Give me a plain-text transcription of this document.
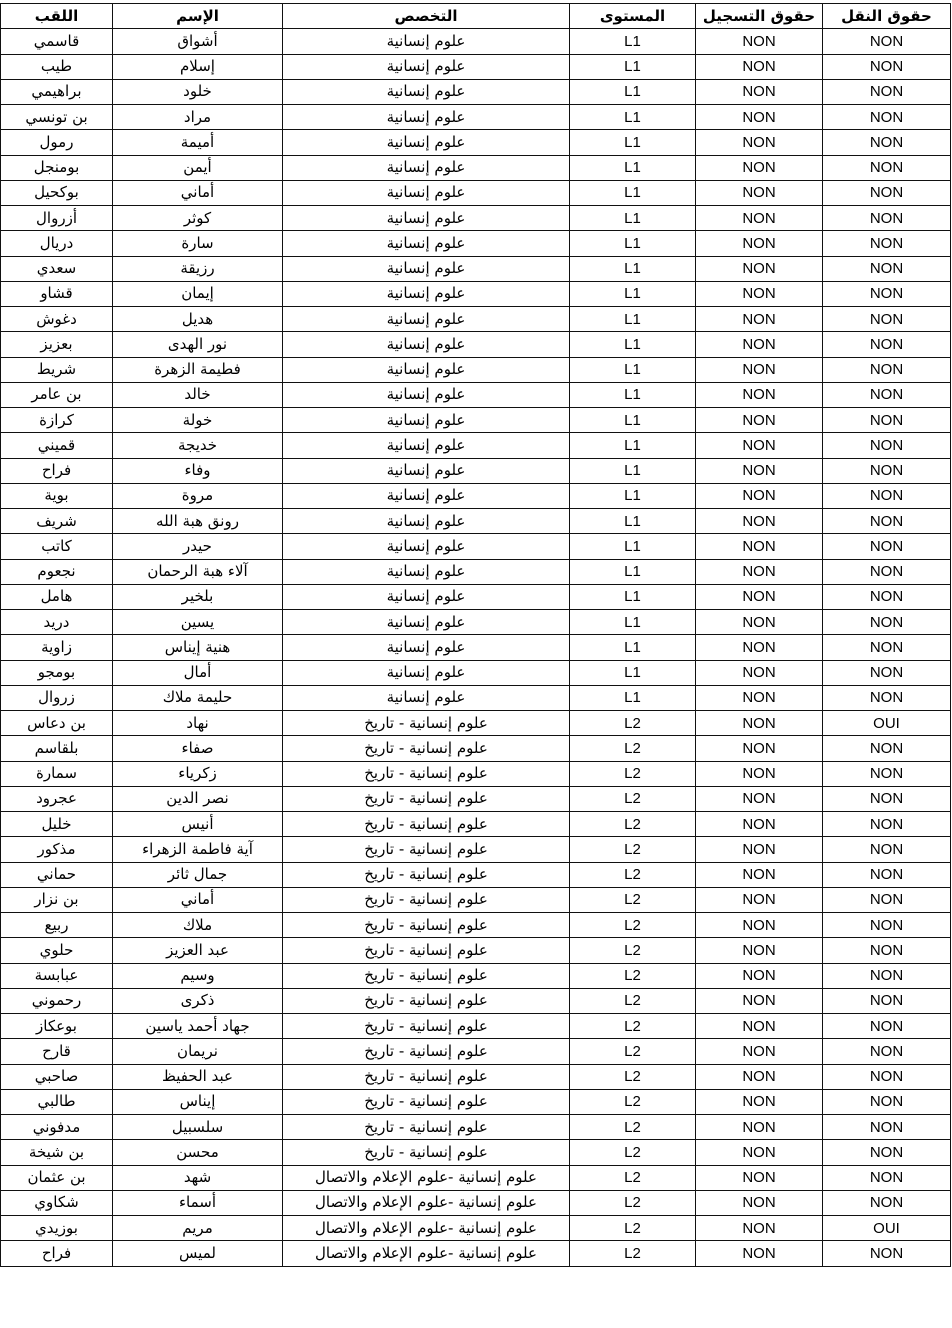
اللقب	الإسم	التخصص	المستوى	حقوق التسجيل	حقوق النقل
قاسمي	أشواق	علوم إنسانية	L1	NON	NON
طيب	إسلام	علوم إنسانية	L1	NON	NON
براهيمي	خلود	علوم إنسانية	L1	NON	NON
بن تونسي	مراد	علوم إنسانية	L1	NON	NON
رمول	أميمة	علوم إنسانية	L1	NON	NON
بومنجل	أيمن	علوم إنسانية	L1	NON	NON
بوكحيل	أماني	علوم إنسانية	L1	NON	NON
أزروال	كوثر	علوم إنسانية	L1	NON	NON
دريال	سارة	علوم إنسانية	L1	NON	NON
سعدي	رزيقة	علوم إنسانية	L1	NON	NON
قشاو	إيمان	علوم إنسانية	L1	NON	NON
دغوش	هديل	علوم إنسانية	L1	NON	NON
بعزيز	نور الهدى	علوم إنسانية	L1	NON	NON
شريط	فطيمة الزهرة	علوم إنسانية	L1	NON	NON
بن عامر	خالد	علوم إنسانية	L1	NON	NON
كرازة	خولة	علوم إنسانية	L1	NON	NON
قميني	خديجة	علوم إنسانية	L1	NON	NON
فراح	وفاء	علوم إنسانية	L1	NON	NON
بوية	مروة	علوم إنسانية	L1	NON	NON
شريف	رونق هبة الله	علوم إنسانية	L1	NON	NON
كاتب	حيدر	علوم إنسانية	L1	NON	NON
نجعوم	آلاء هبة الرحمان	علوم إنسانية	L1	NON	NON
هامل	بلخير	علوم إنسانية	L1	NON	NON
دريد	يسين	علوم إنسانية	L1	NON	NON
زاوية	هنية إيناس	علوم إنسانية	L1	NON	NON
بومجو	أمال	علوم إنسانية	L1	NON	NON
زروال	حليمة ملاك	علوم إنسانية	L1	NON	NON
بن دعاس	نهاد	علوم إنسانية - تاريخ	L2	NON	OUI
بلقاسم	صفاء	علوم إنسانية - تاريخ	L2	NON	NON
سمارة	زكرياء	علوم إنسانية - تاريخ	L2	NON	NON
عجرود	نصر الدين	علوم إنسانية - تاريخ	L2	NON	NON
خليل	أنيس	علوم إنسانية - تاريخ	L2	NON	NON
مذكور	آية فاطمة الزهراء	علوم إنسانية - تاريخ	L2	NON	NON
حماني	جمال ثائر	علوم إنسانية - تاريخ	L2	NON	NON
بن نزار	أماني	علوم إنسانية - تاريخ	L2	NON	NON
ربيع	ملاك	علوم إنسانية - تاريخ	L2	NON	NON
حلوي	عبد العزيز	علوم إنسانية - تاريخ	L2	NON	NON
عبابسة	وسيم	علوم إنسانية - تاريخ	L2	NON	NON
رحموني	ذكرى	علوم إنسانية - تاريخ	L2	NON	NON
بوعكاز	جهاد أحمد ياسين	علوم إنسانية - تاريخ	L2	NON	NON
قارح	نريمان	علوم إنسانية - تاريخ	L2	NON	NON
صاحبي	عبد الحفيظ	علوم إنسانية - تاريخ	L2	NON	NON
طالبي	إيناس	علوم إنسانية - تاريخ	L2	NON	NON
مدفوني	سلسبيل	علوم إنسانية - تاريخ	L2	NON	NON
بن شيخة	محسن	علوم إنسانية - تاريخ	L2	NON	NON
بن عثمان	شهد	علوم إنسانية -علوم الإعلام والاتصال	L2	NON	NON
شكاوي	أسماء	علوم إنسانية -علوم الإعلام والاتصال	L2	NON	NON
بوزيدي	مريم	علوم إنسانية -علوم الإعلام والاتصال	L2	NON	OUI
فراح	لميس	علوم إنسانية -علوم الإعلام والاتصال	L2	NON	NON
